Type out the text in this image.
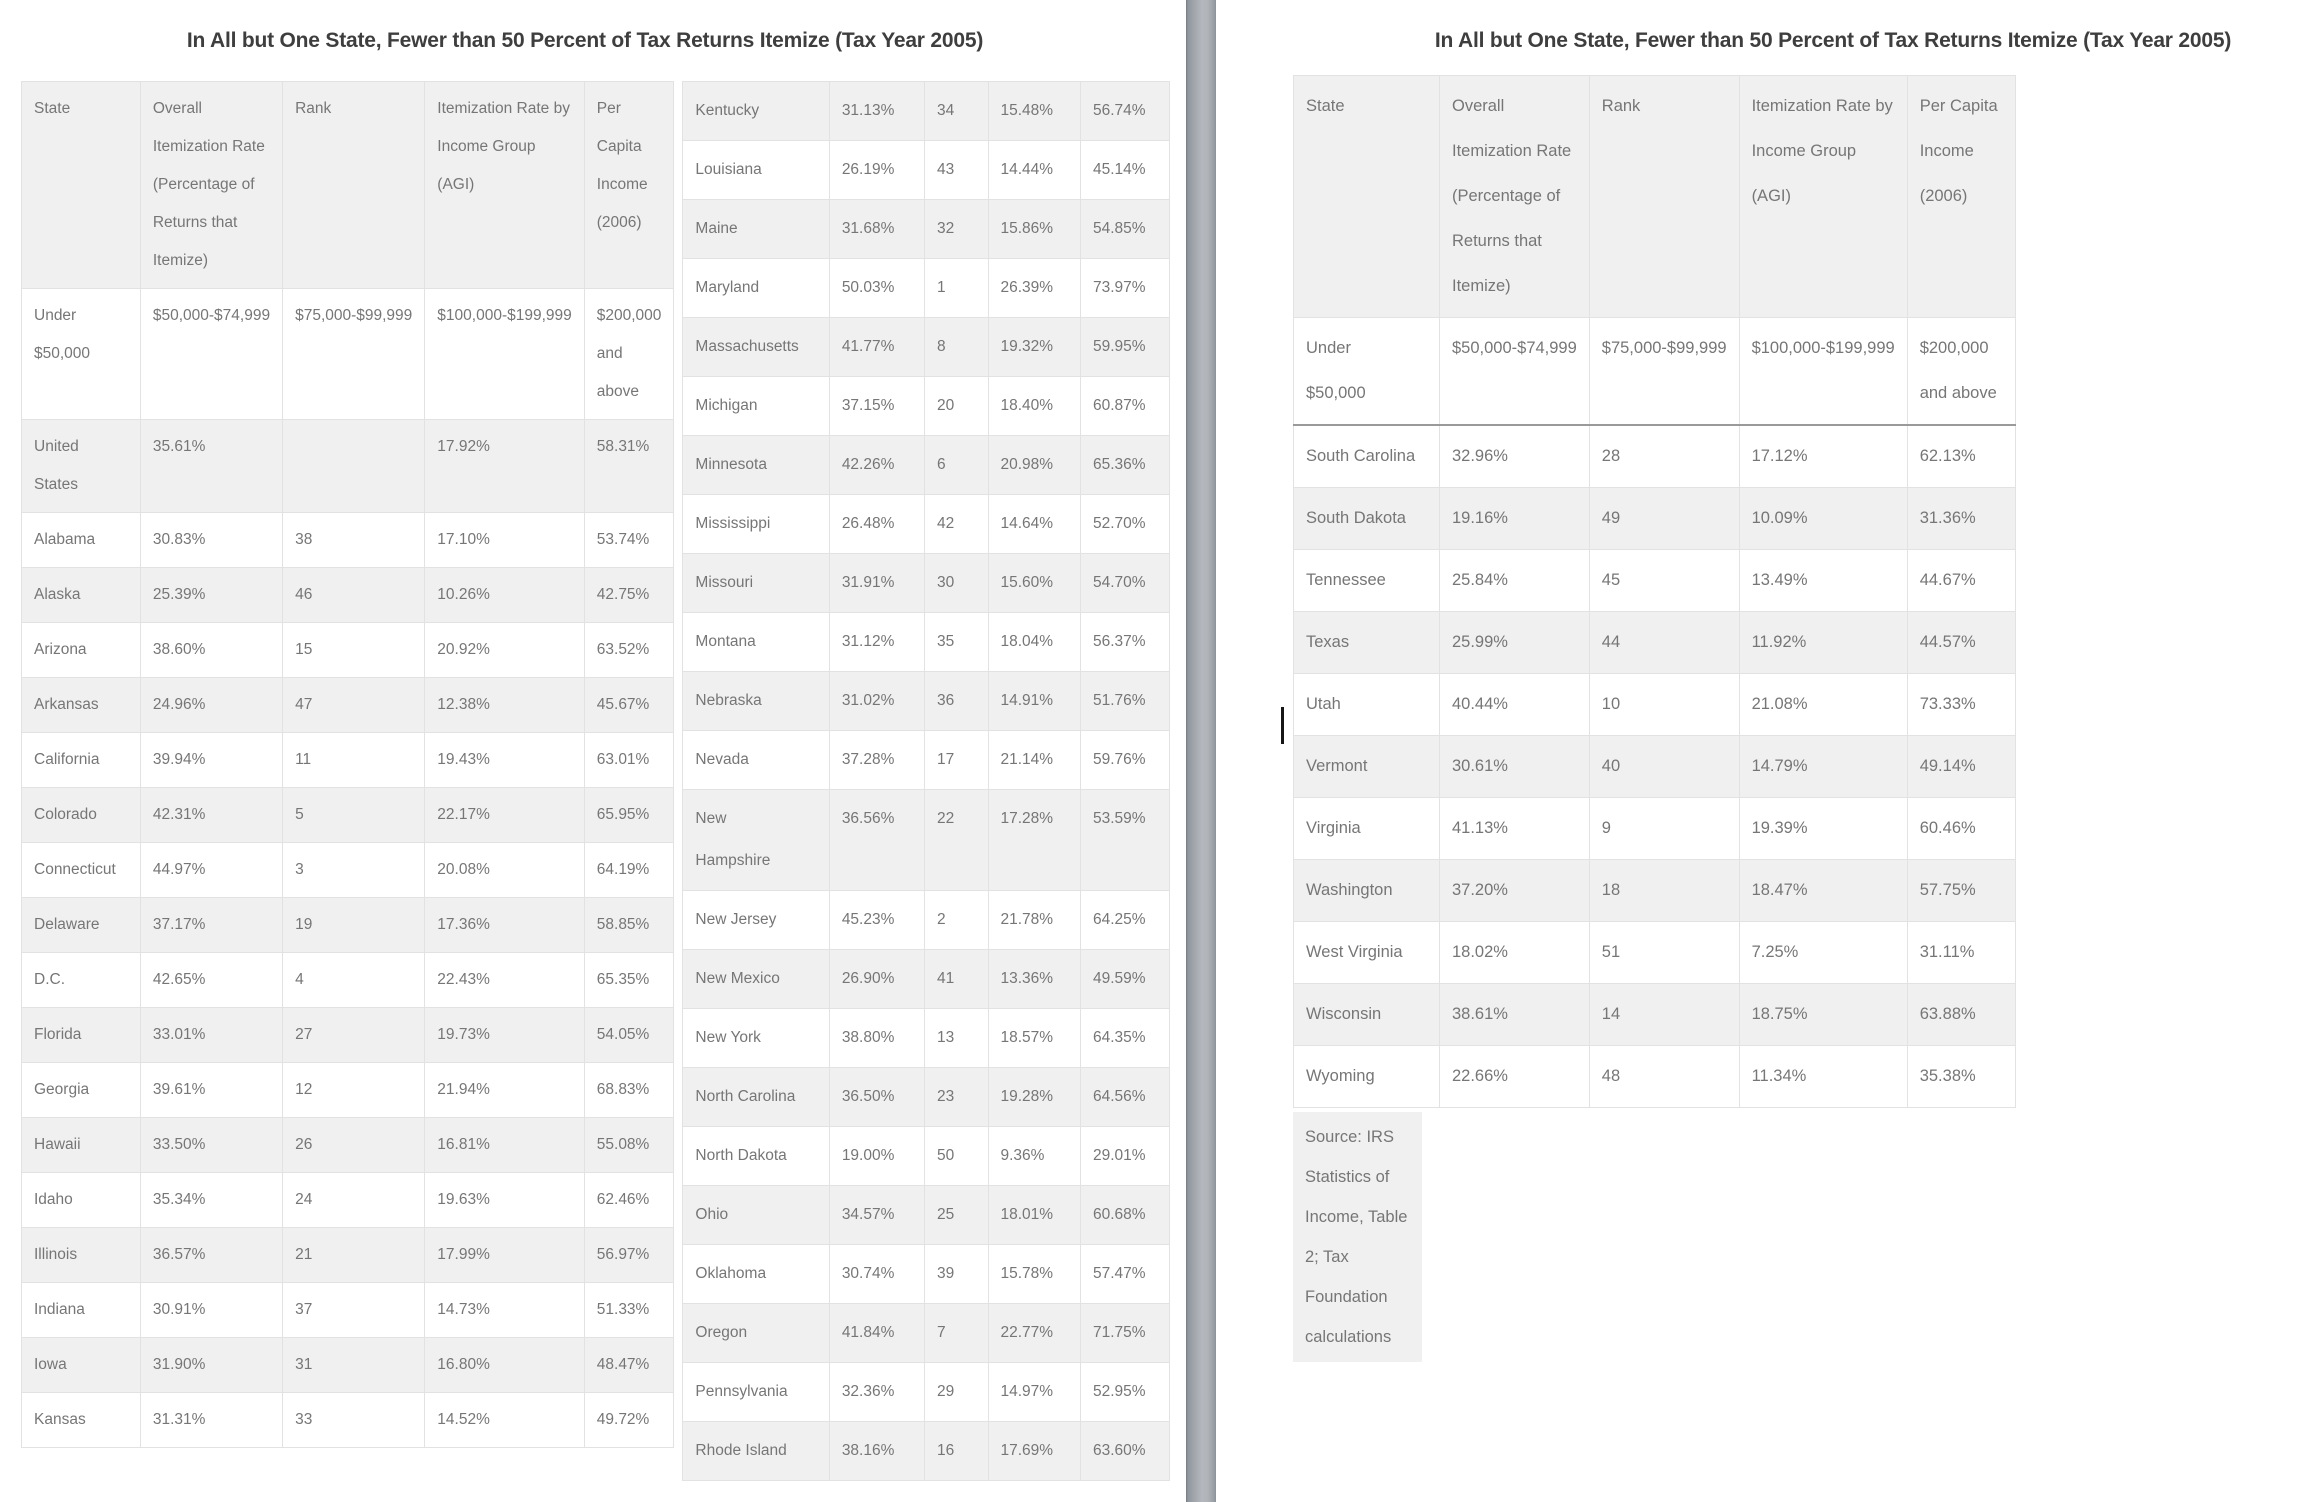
In All but One State, Fewer than 50 Percent of Tax Returns Itemize (Tax Year 2005)
State	Overall Itemization Rate (Percentage of Returns that Itemize)	Rank	Itemization Rate by Income Group (AGI)	Per Capita Income (2006)
Under $50,000	$50,000-$74,999	$75,000-$99,999	$100,000-$199,999	$200,000 and above
United States	35.61%		17.92%	58.31%
Alabama	30.83%	38	17.10%	53.74%
Alaska	25.39%	46	10.26%	42.75%
Arizona	38.60%	15	20.92%	63.52%
Arkansas	24.96%	47	12.38%	45.67%
California	39.94%	11	19.43%	63.01%
Colorado	42.31%	5	22.17%	65.95%
Connecticut	44.97%	3	20.08%	64.19%
Delaware	37.17%	19	17.36%	58.85%
D.C.	42.65%	4	22.43%	65.35%
Florida	33.01%	27	19.73%	54.05%
Georgia	39.61%	12	21.94%	68.83%
Hawaii	33.50%	26	16.81%	55.08%
Idaho	35.34%	24	19.63%	62.46%
Illinois	36.57%	21	17.99%	56.97%
Indiana	30.91%	37	14.73%	51.33%
Iowa	31.90%	31	16.80%	48.47%
Kansas	31.31%	33	14.52%	49.72%
Kentucky	31.13%	34	15.48%	56.74%
Louisiana	26.19%	43	14.44%	45.14%
Maine	31.68%	32	15.86%	54.85%
Maryland	50.03%	1	26.39%	73.97%
Massachusetts	41.77%	8	19.32%	59.95%
Michigan	37.15%	20	18.40%	60.87%
Minnesota	42.26%	6	20.98%	65.36%
Mississippi	26.48%	42	14.64%	52.70%
Missouri	31.91%	30	15.60%	54.70%
Montana	31.12%	35	18.04%	56.37%
Nebraska	31.02%	36	14.91%	51.76%
Nevada	37.28%	17	21.14%	59.76%
New Hampshire	36.56%	22	17.28%	53.59%
New Jersey	45.23%	2	21.78%	64.25%
New Mexico	26.90%	41	13.36%	49.59%
New York	38.80%	13	18.57%	64.35%
North Carolina	36.50%	23	19.28%	64.56%
North Dakota	19.00%	50	9.36%	29.01%
Ohio	34.57%	25	18.01%	60.68%
Oklahoma	30.74%	39	15.78%	57.47%
Oregon	41.84%	7	22.77%	71.75%
Pennsylvania	32.36%	29	14.97%	52.95%
Rhode Island	38.16%	16	17.69%	63.60%
In All but One State, Fewer than 50 Percent of Tax Returns Itemize (Tax Year 2005)
State	Overall Itemization Rate (Percentage of Returns that Itemize)	Rank	Itemization Rate by Income Group (AGI)	Per Capita Income (2006)
Under $50,000	$50,000-$74,999	$75,000-$99,999	$100,000-$199,999	$200,000 and above
South Carolina	32.96%	28	17.12%	62.13%
South Dakota	19.16%	49	10.09%	31.36%
Tennessee	25.84%	45	13.49%	44.67%
Texas	25.99%	44	11.92%	44.57%
Utah	40.44%	10	21.08%	73.33%
Vermont	30.61%	40	14.79%	49.14%
Virginia	41.13%	9	19.39%	60.46%
Washington	37.20%	18	18.47%	57.75%
West Virginia	18.02%	51	7.25%	31.11%
Wisconsin	38.61%	14	18.75%	63.88%
Wyoming	22.66%	48	11.34%	35.38%
Source: IRS Statistics of Income, Table 2; Tax Foundation calculations
